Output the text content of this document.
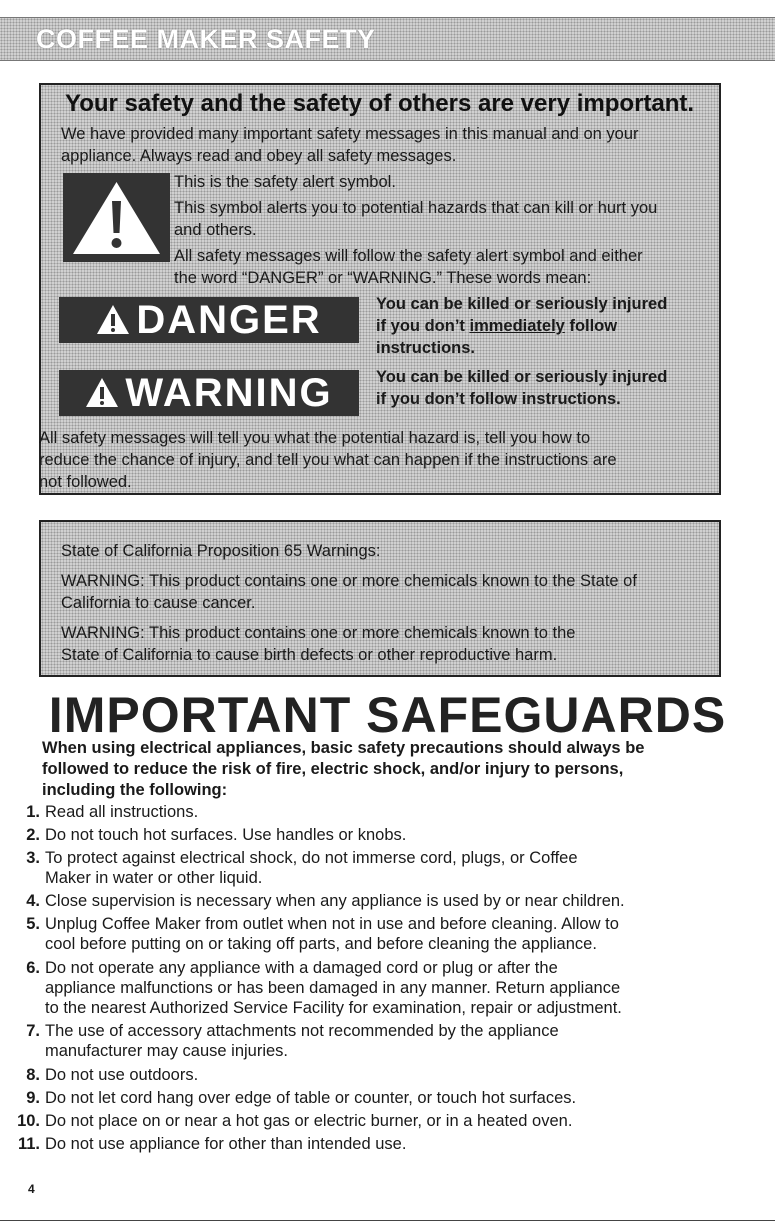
COFFEE MAKER SAFETY
Your safety and the safety of others are very important.
We have provided many important safety messages in this manual and on your
appliance. Always read and obey all safety messages.
This is the safety alert symbol.
This symbol alerts you to potential hazards that can kill or hurt you
and others.
All safety messages will follow the safety alert symbol and either
the word “DANGER” or “WARNING.” These words mean:
DANGER	You can be killed or seriously injured
if you don’t immediately follow
instructions.
WARNING	You can be killed or seriously injured
if you don’t follow instructions.
All safety messages will tell you what the potential hazard is, tell you how to
reduce the chance of injury, and tell you what can happen if the instructions are
not followed.
State of California Proposition 65 Warnings:
WARNING: This product contains one or more chemicals known to the State of
California to cause cancer.
WARNING: This product contains one or more chemicals known to the
State of California to cause birth defects or other reproductive harm.
IMPORTANT SAFEGUARDS
When using electrical appliances, basic safety precautions should always be
followed to reduce the risk of fire, electric shock, and/or injury to persons,
including the following:
1. Read all instructions.
2. Do not touch hot surfaces. Use handles or knobs.
3. To protect against electrical shock, do not immerse cord, plugs, or Coffee
Maker in water or other liquid.
4. Close supervision is necessary when any appliance is used by or near children.
5. Unplug Coffee Maker from outlet when not in use and before cleaning. Allow to
cool before putting on or taking off parts, and before cleaning the appliance.
6. Do not operate any appliance with a damaged cord or plug or after the
appliance malfunctions or has been damaged in any manner. Return appliance
to the nearest Authorized Service Facility for examination, repair or adjustment.
7. The use of accessory attachments not recommended by the appliance
manufacturer may cause injuries.
8. Do not use outdoors.
9. Do not let cord hang over edge of table or counter, or touch hot surfaces.
10. Do not place on or near a hot gas or electric burner, or in a heated oven.
11. Do not use appliance for other than intended use.
4
